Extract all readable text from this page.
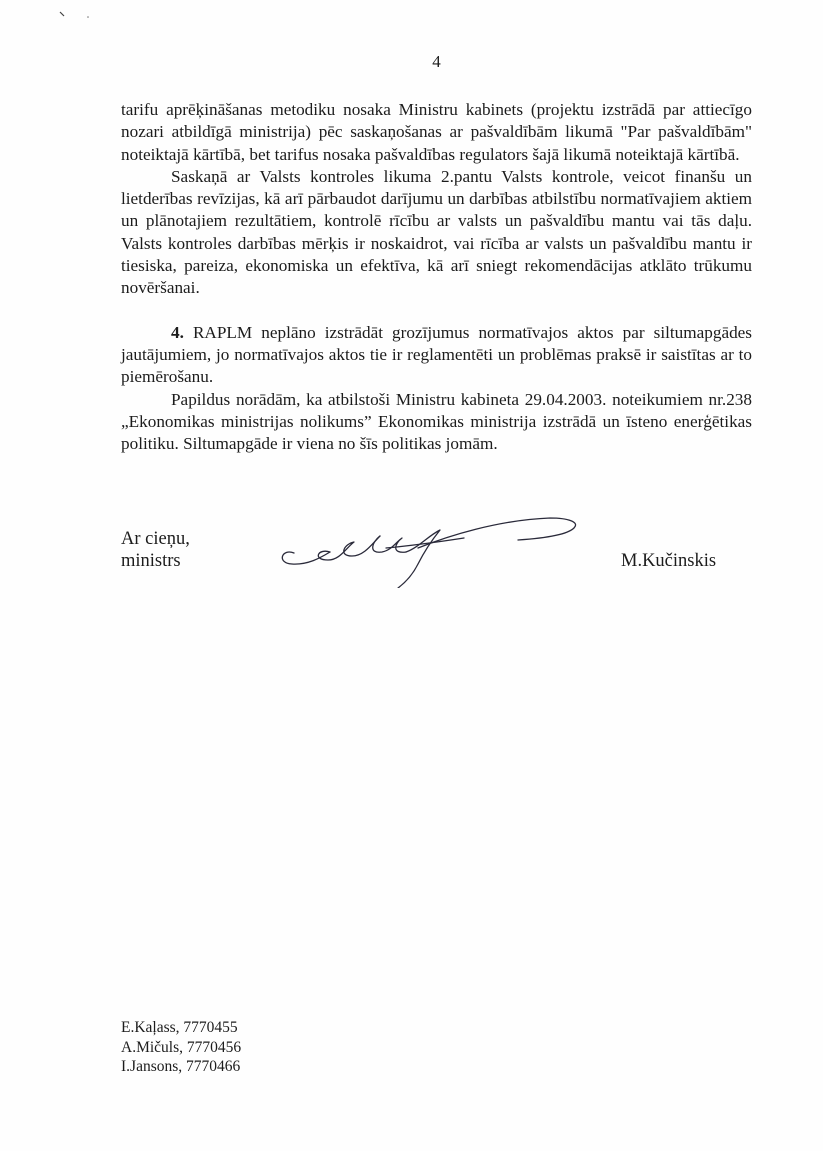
4

tarifu aprēķināšanas metodiku nosaka Ministru kabinets (projektu izstrādā par attiecīgo nozari atbildīgā ministrija) pēc saskaņošanas ar pašvaldībām likumā "Par pašvaldībām" noteiktajā kārtībā, bet tarifus nosaka pašvaldības regulators šajā likumā noteiktajā kārtībā.

Saskaņā ar Valsts kontroles likuma 2.pantu Valsts kontrole, veicot finanšu un lietderības revīzijas, kā arī pārbaudot darījumu un darbības atbilstību normatīvajiem aktiem un plānotajiem rezultātiem, kontrolē rīcību ar valsts un pašvaldību mantu vai tās daļu. Valsts kontroles darbības mērķis ir noskaidrot, vai rīcība ar valsts un pašvaldību mantu ir tiesiska, pareiza, ekonomiska un efektīva, kā arī sniegt rekomendācijas atklāto trūkumu novēršanai.

4. RAPLM neplāno izstrādāt grozījumus normatīvajos aktos par siltumapgādes jautājumiem, jo normatīvajos aktos tie ir reglamentēti un problēmas praksē ir saistītas ar to piemērošanu.

Papildus norādām, ka atbilstoši Ministru kabineta 29.04.2003. noteikumiem nr.238 „Ekonomikas ministrijas nolikums” Ekonomikas ministrija izstrādā un īsteno enerģētikas politiku. Siltumapgāde ir viena no šīs politikas jomām.

Ar cieņu,
ministrs	M.Kučinskis
E.Kaļass, 7770455
A.Mičuls, 7770456
I.Jansons, 7770466
